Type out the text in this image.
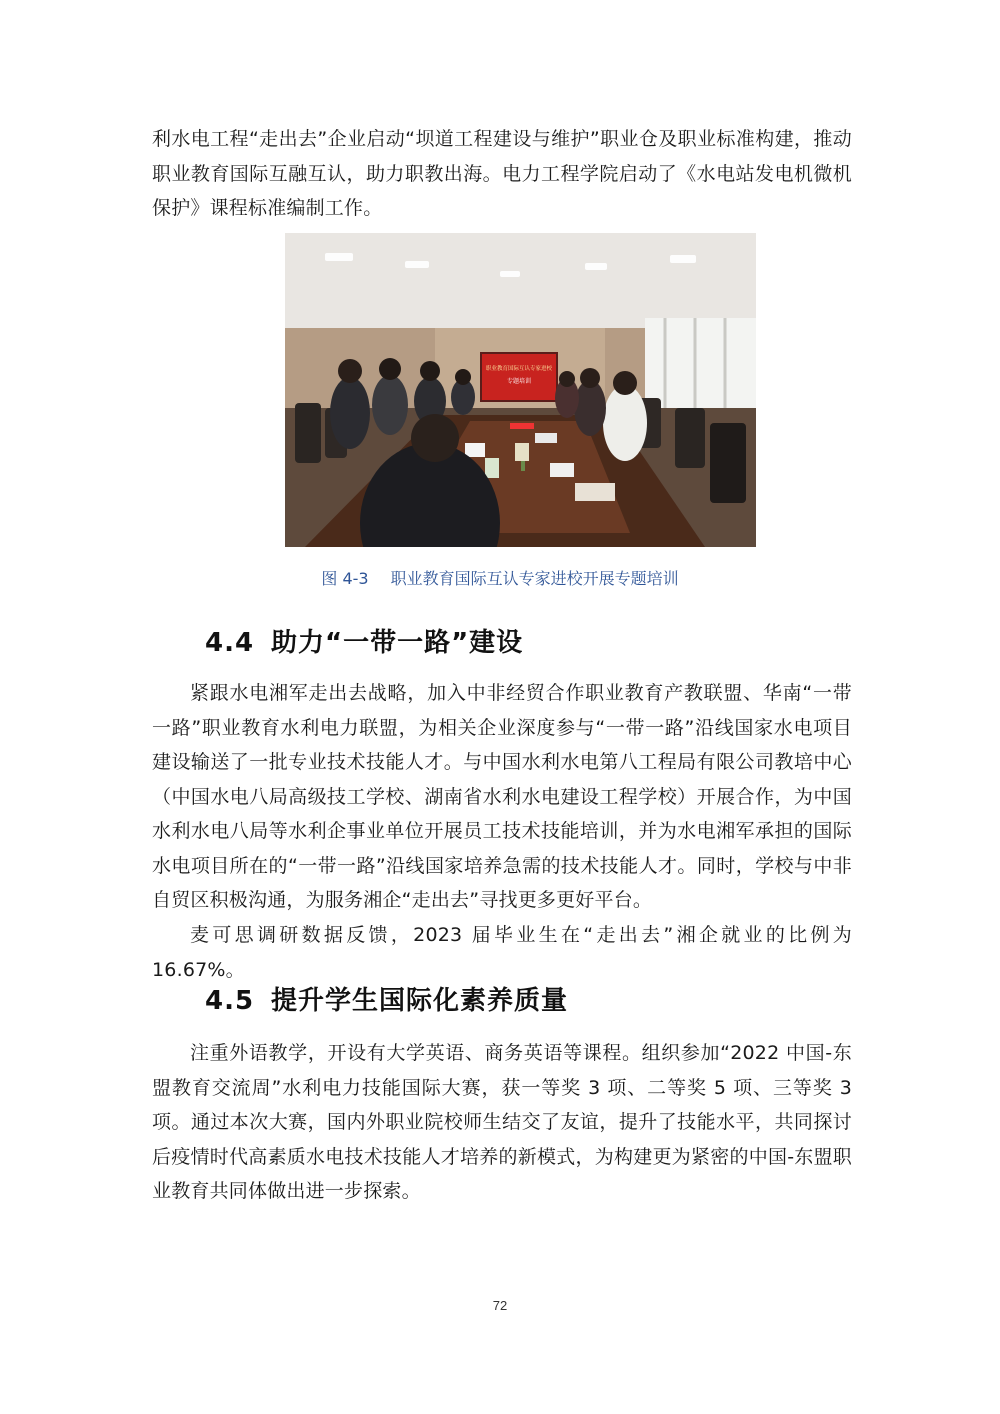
利水电工程“走出去”企业启动“坝道工程建设与维护”职业仓及职业标准构建，推动职业教育国际互融互认，助力职教出海。电力工程学院启动了《水电站发电机微机保护》课程标准编制工作。

职业教育国际互认专家进校
专题培训
图 4-3 职业教育国际互认专家进校开展专题培训
4.4 助力“一带一路”建设

紧跟水电湘军走出去战略，加入中非经贸合作职业教育产教联盟、华南“一带一路”职业教育水利电力联盟，为相关企业深度参与“一带一路”沿线国家水电项目建设输送了一批专业技术技能人才。与中国水利水电第八工程局有限公司教培中心（中国水电八局高级技工学校、湖南省水利水电建设工程学校）开展合作，为中国水利水电八局等水利企事业单位开展员工技术技能培训，并为水电湘军承担的国际水电项目所在的“一带一路”沿线国家培养急需的技术技能人才。同时，学校与中非自贸区积极沟通，为服务湘企“走出去”寻找更多更好平台。

麦可思调研数据反馈，2023 届毕业生在“走出去”湘企就业的比例为 16.67%。

4.5 提升学生国际化素养质量

注重外语教学，开设有大学英语、商务英语等课程。组织参加“2022 中国-东盟教育交流周”水利电力技能国际大赛，获一等奖 3 项、二等奖 5 项、三等奖 3 项。通过本次大赛，国内外职业院校师生结交了友谊，提升了技能水平，共同探讨后疫情时代高素质水电技术技能人才培养的新模式，为构建更为紧密的中国-东盟职业教育共同体做出进一步探索。

72
